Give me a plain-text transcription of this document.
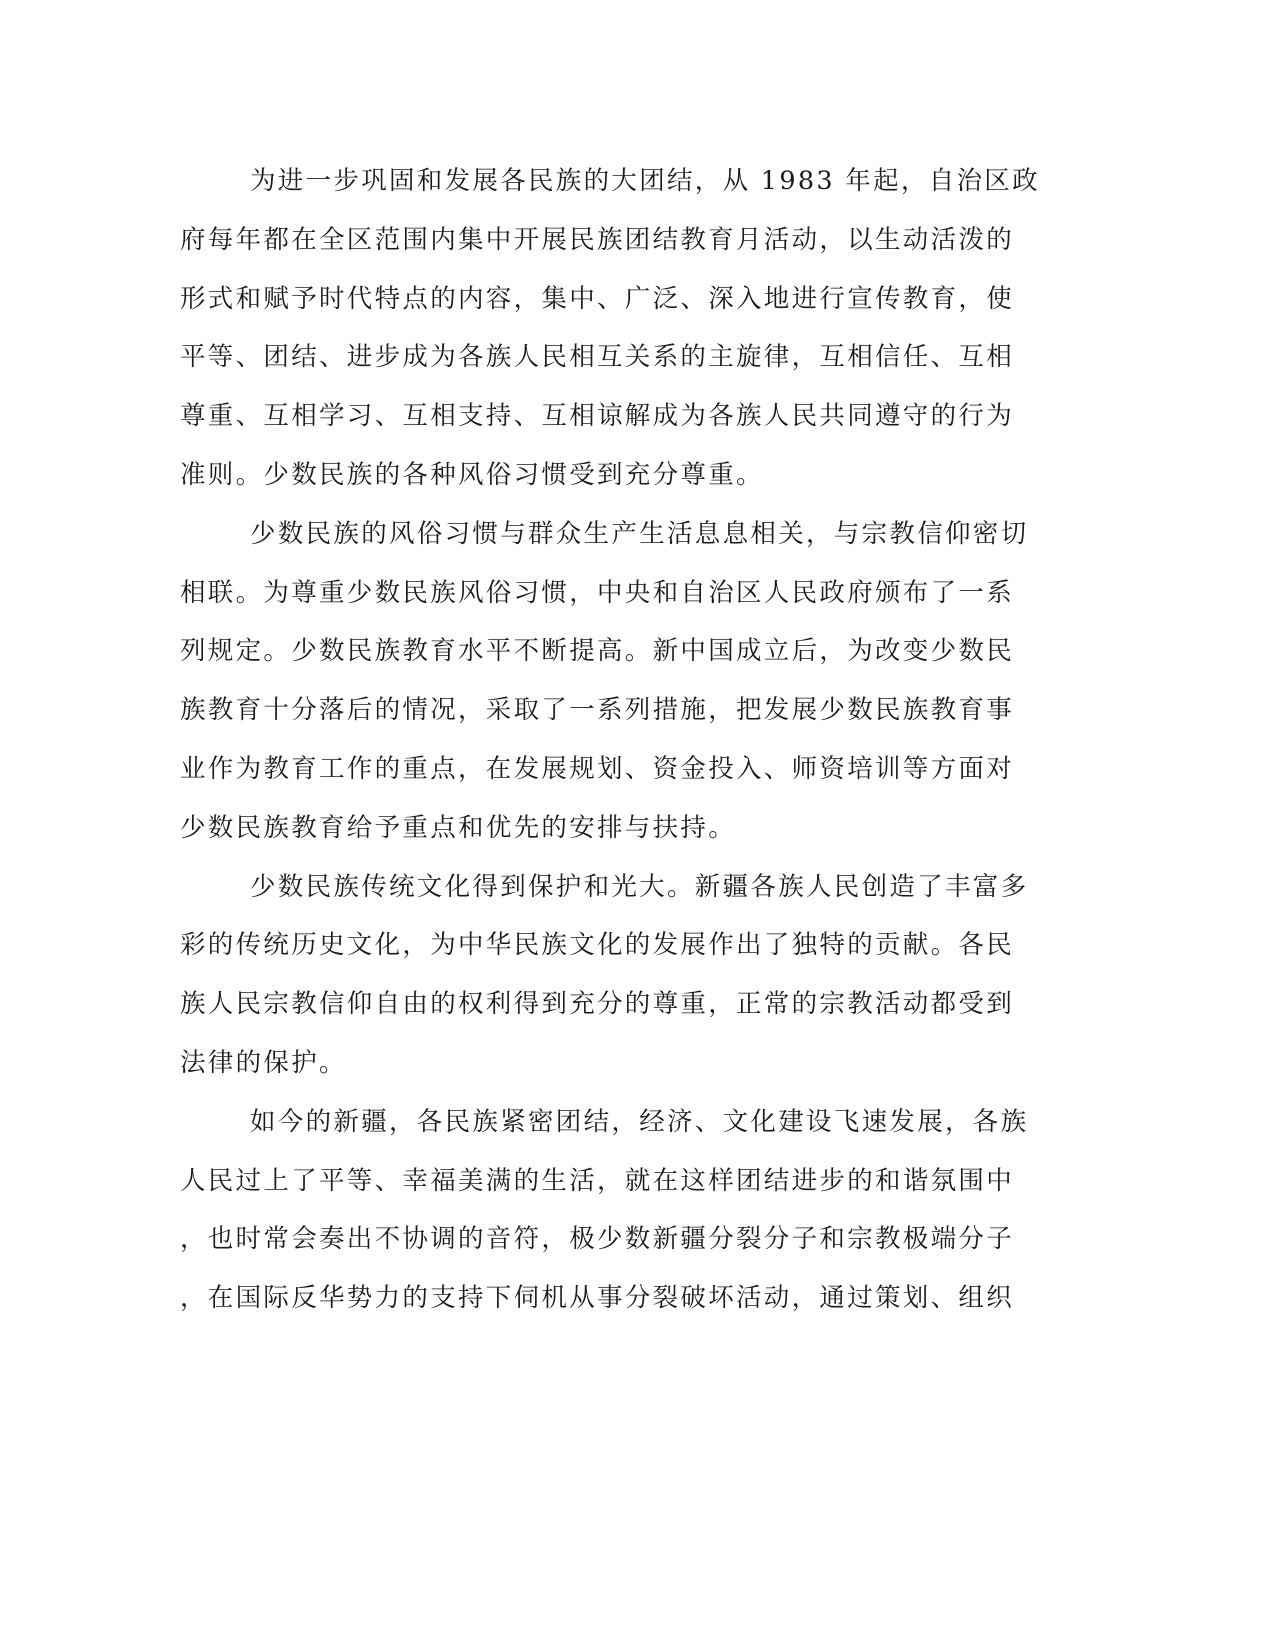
为进一步巩固和发展各民族的大团结，从 1983 年起，自治区政
府每年都在全区范围内集中开展民族团结教育月活动，以生动活泼的
形式和赋予时代特点的内容，集中、广泛、深入地进行宣传教育，使
平等、团结、进步成为各族人民相互关系的主旋律，互相信任、互相
尊重、互相学习、互相支持、互相谅解成为各族人民共同遵守的行为
准则。少数民族的各种风俗习惯受到充分尊重。
少数民族的风俗习惯与群众生产生活息息相关，与宗教信仰密切
相联。为尊重少数民族风俗习惯，中央和自治区人民政府颁布了一系
列规定。少数民族教育水平不断提高。新中国成立后，为改变少数民
族教育十分落后的情况，采取了一系列措施，把发展少数民族教育事
业作为教育工作的重点，在发展规划、资金投入、师资培训等方面对
少数民族教育给予重点和优先的安排与扶持。
少数民族传统文化得到保护和光大。新疆各族人民创造了丰富多
彩的传统历史文化，为中华民族文化的发展作出了独特的贡献。各民
族人民宗教信仰自由的权利得到充分的尊重，正常的宗教活动都受到
法律的保护。
如今的新疆，各民族紧密团结，经济、文化建设飞速发展，各族
人民过上了平等、幸福美满的生活，就在这样团结进步的和谐氛围中
，也时常会奏出不协调的音符，极少数新疆分裂分子和宗教极端分子
，在国际反华势力的支持下伺机从事分裂破坏活动，通过策划、组织
